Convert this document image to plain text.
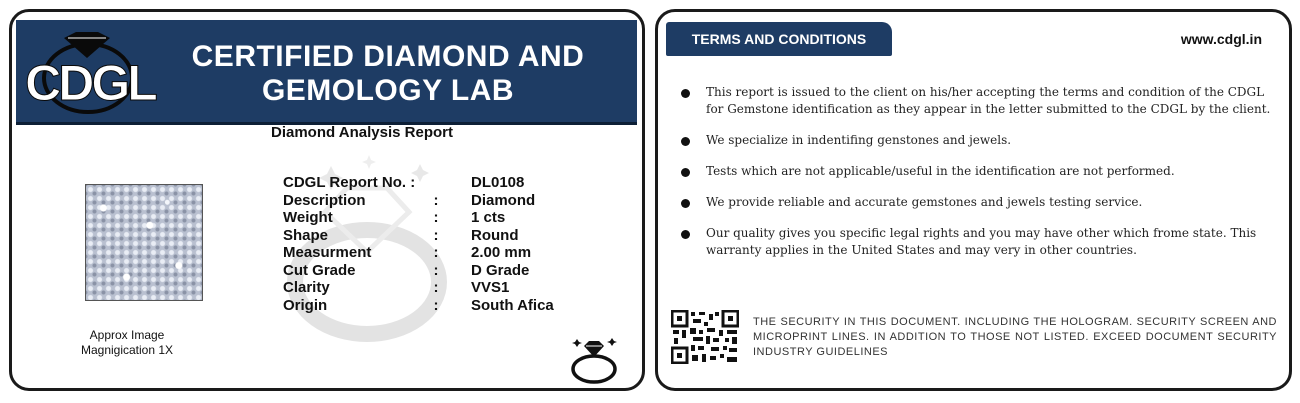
CDGL	CERTIFIED DIAMOND AND
GEMOLOGY LAB
Diamond Analysis Report
Approx Image
Magnigication 1X
CDGL Report No. :	DL0108
Description	:	Diamond
Weight	:	1 cts
Shape	:	Round
Measurment	:	2.00 mm
Cut Grade	:	D Grade
Clarity	:	VVS1
Origin	:	South Afica
TERMS AND CONDITIONS	www.cdgl.in
This report is issued to the client on his/her accepting the terms and condition of the CDGL for Gemstone identification as they appear in the letter submitted to the CDGL by the client.
We specialize in indentifing genstones and jewels.
Tests which are not applicable/useful in the identification are not performed.
We provide reliable and accurate gemstones and jewels testing service.
Our quality gives you specific legal rights and you may have other which frome state. This warranty applies in the United States and may very in other countries.
THE SECURITY IN THIS DOCUMENT. INCLUDING THE HOLOGRAM. SECURITY SCREEN AND MICROPRINT LINES. IN ADDITION TO THOSE NOT LISTED. EXCEED DOCUMENT SECURITY INDUSTRY GUIDELINES
